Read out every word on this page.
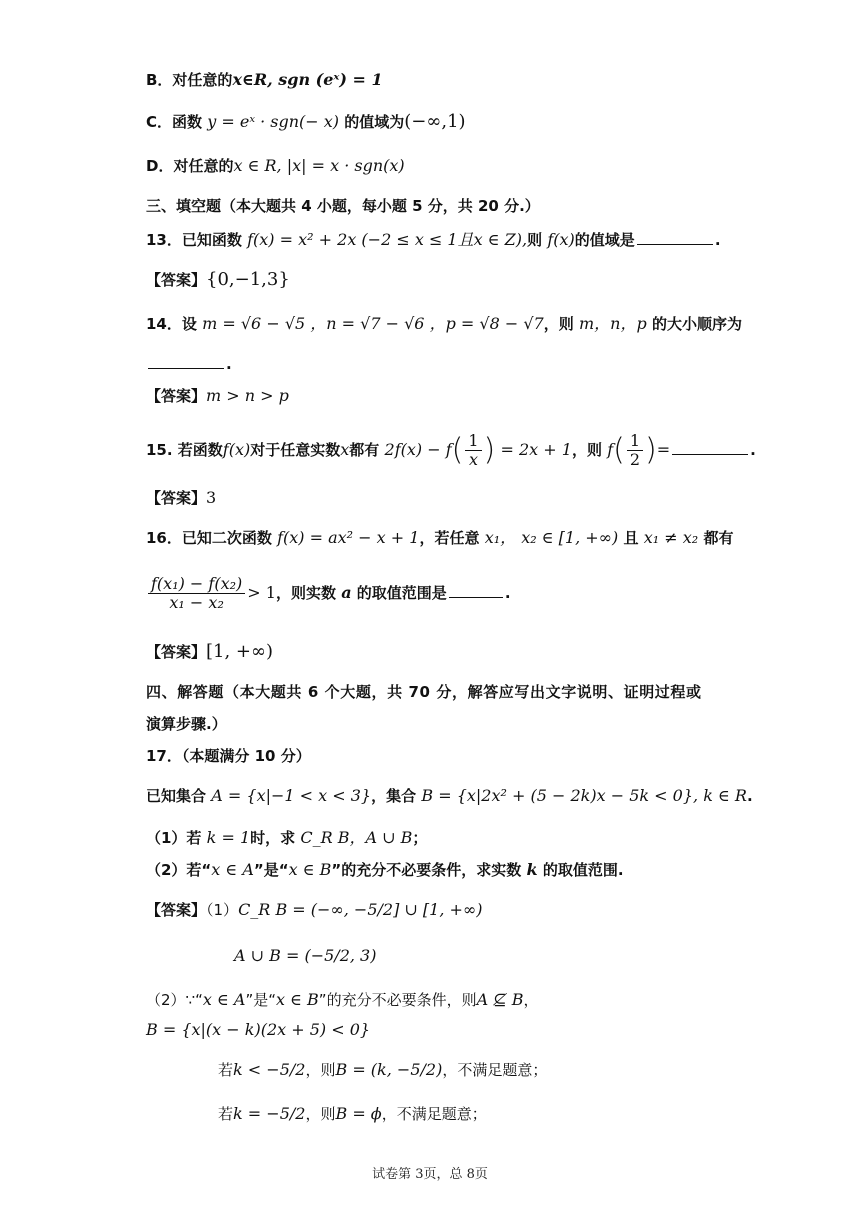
B．对任意的x∈R, sgn (eˣ) = 1
C．函数 y = eˣ · sgn(− x) 的值域为(−∞,1)
D．对任意的x ∈ R, |x| = x · sgn(x)
三、填空题（本大题共 4 小题，每小题 5 分，共 20 分.）
13．已知函数 f(x) = x² + 2x (−2 ≤ x ≤ 1且x ∈ Z),则 f(x)的值域是	.
【答案】{0,−1,3}
14．设 m = √6 − √5 ，n = √7 − √6 ，p = √8 − √7，则 m，n，p 的大小顺序为
.
【答案】m > n > p
15. 若函数f(x)对于任意实数x都有 $2f(x) - f( \frac{1}{x}$ ) = 2x + 1，则 $f( \frac{1}{2}$ )=	.
【答案】3
16．已知二次函数 f(x) = ax² − x + 1，若任意 x₁， x₂ ∈ [1, +∞) 且 x₁ ≠ x₂ 都有
$\frac{\text{f(x₁) − f(x₂)}}{\text{x₁ − x₂}} > 1$，则实数 a 的取值范围是	.
【答案】[1, +∞)
四、解答题（本大题共 6 个大题，共 70 分，解答应写出文字说明、证明过程或
演算步骤.）
17．（本题满分 10 分）
已知集合 A = {x|−1 < x < 3}，集合 B = {x|2x² + (5 − 2k)x − 5k < 0}, k ∈ R.
（1）若 k = 1时，求 C_R B，A ∪ B；
（2）若“x ∈ A”是“x ∈ B”的充分不必要条件，求实数 k 的取值范围.
【答案】（1）C_R B = (−∞, −5/2] ∪ [1, +∞)
A ∪ B = (−5/2, 3)
（2）∵“x ∈ A”是“x ∈ B”的充分不必要条件，则A ⊈ B，
B = {x|(x − k)(2x + 5) < 0}
若k < −5/2，则B = (k, −5/2)，不满足题意；
若k = −5/2，则B = ϕ，不满足题意；
试卷第 3页，总 8页
